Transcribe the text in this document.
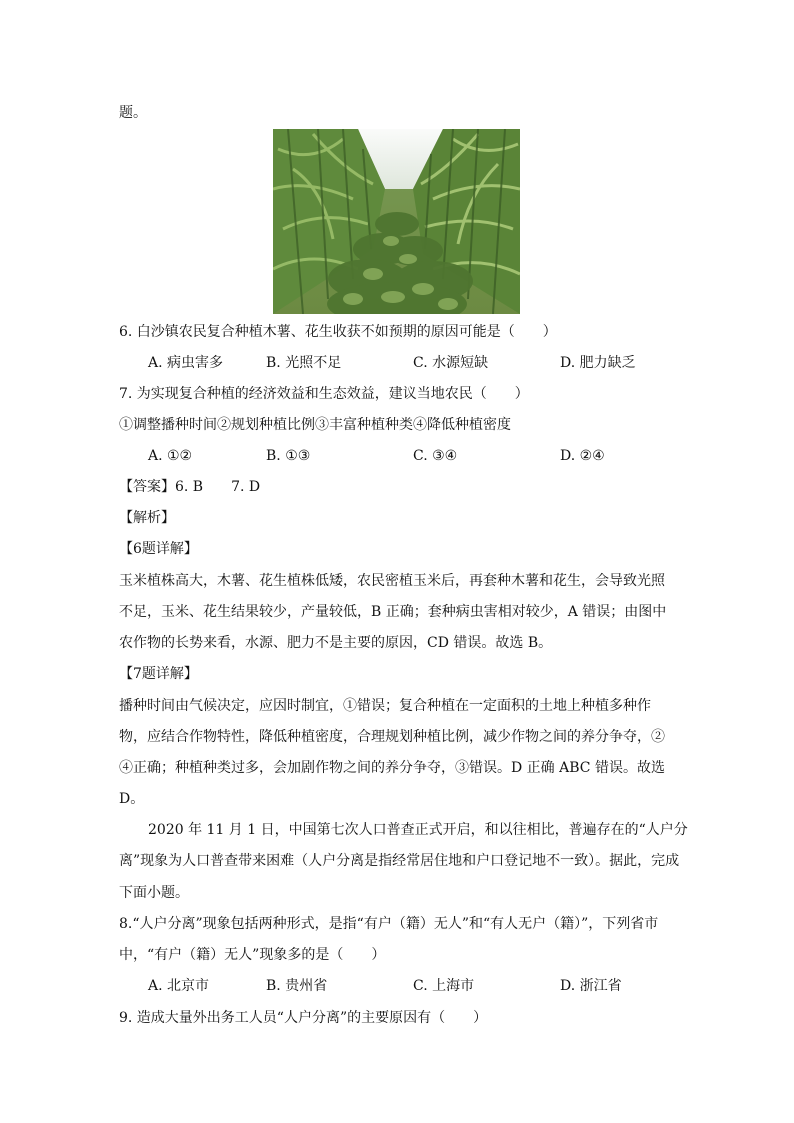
题。
6. 白沙镇农民复合种植木薯、花生收获不如预期的原因可能是（　　）
A. 病虫害多	B. 光照不足	C. 水源短缺	D. 肥力缺乏
7. 为实现复合种植的经济效益和生态效益，建议当地农民（　　）
①调整播种时间②规划种植比例③丰富种植种类④降低种植密度
A. ①②	B. ①③	C. ③④	D. ②④
【答案】6. B　　7. D
【解析】
【6题详解】
玉米植株高大，木薯、花生植株低矮，农民密植玉米后，再套种木薯和花生，会导致光照
不足，玉米、花生结果较少，产量较低，B 正确；套种病虫害相对较少，A 错误；由图中
农作物的长势来看，水源、肥力不是主要的原因，CD 错误。故选 B。
【7题详解】
播种时间由气候决定，应因时制宜，①错误；复合种植在一定面积的土地上种植多种作
物，应结合作物特性，降低种植密度，合理规划种植比例，减少作物之间的养分争夺，②
④正确；种植种类过多，会加剧作物之间的养分争夺，③错误。D 正确 ABC 错误。故选
D。
2020 年 11 月 1 日，中国第七次人口普查正式开启，和以往相比，普遍存在的“人户分
离”现象为人口普查带来困难（人户分离是指经常居住地和户口登记地不一致）。据此，完成
下面小题。
8.“人户分离”现象包括两种形式，是指“有户（籍）无人”和“有人无户（籍）”，下列省市
中，“有户（籍）无人”现象多的是（　　）
A. 北京市	B. 贵州省	C. 上海市	D. 浙江省
9. 造成大量外出务工人员“人户分离”的主要原因有（　　）
